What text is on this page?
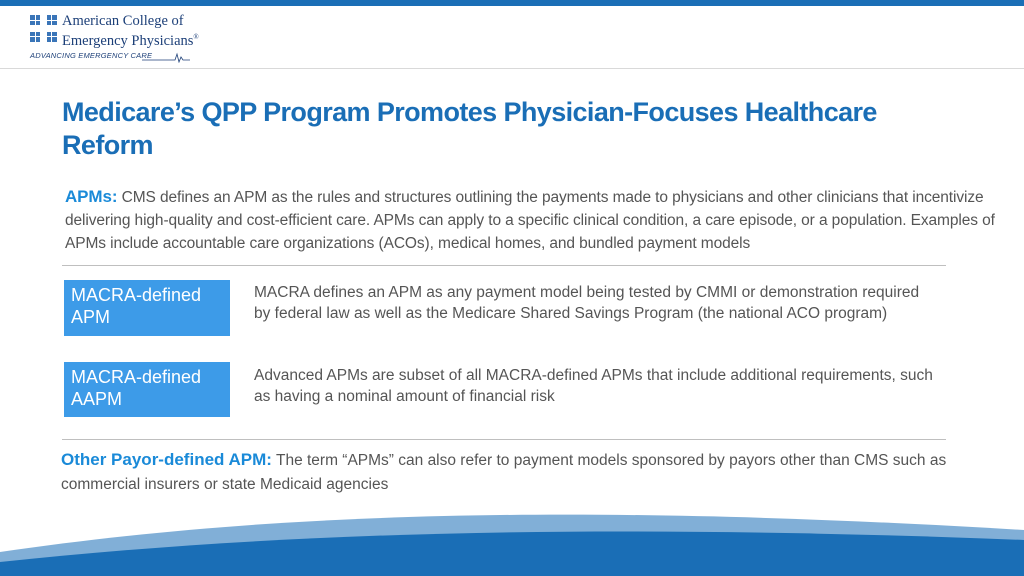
American College of
Emergency Physicians®
ADVANCING EMERGENCY CARE
Medicare’s QPP Program Promotes Physician-Focuses Healthcare Reform

APMs: CMS defines an APM as the rules and structures outlining the payments made to physicians and other clinicians that incentivize delivering high-quality and cost-efficient care. APMs can apply to a specific clinical condition, a care episode, or a population. Examples of APMs include accountable care organizations (ACOs), medical homes, and bundled payment models

MACRA-defined APM
MACRA defines an APM as any payment model being tested by CMMI or demonstration required by federal law as well as the Medicare Shared Savings Program (the national ACO program)
MACRA-defined AAPM
Advanced APMs are subset of all MACRA-defined APMs that include additional requirements, such as having a nominal amount of financial risk

Other Payor-defined APM: The term “APMs” can also refer to payment models sponsored by payors other than CMS such as commercial insurers or state Medicaid agencies
